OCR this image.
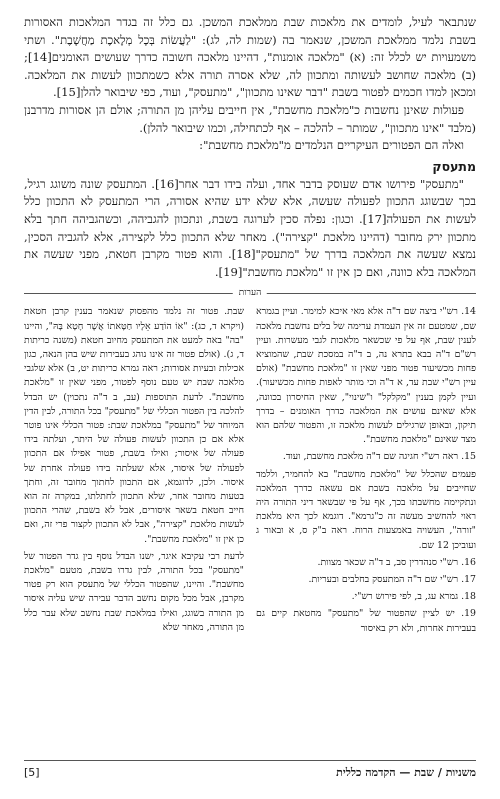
שנתבאר לעיל, לומדים את מלאכות שבת ממלאכת המשכן. גם כלל זה בגדר המלאכות האסורות בשבת נלמד ממלאכת המשכן, שנאמר בה (שמות לה, לג): "לַעֲשׂוֹת בְּכָל מְלֶאכֶת מַחֲשָׁבֶת". ושתי משמעויות יש לכלל זה: (א) "מלאכה אומנות", דהיינו מלאכה חשובה כדרך שעושים האומנים[14]; (ב) מלאכה שחושב לעשותה ומתכוון לה, שלא אסרה תורה אלא כשמתכוון לעשות את המלאכה. ומכאן למדו חכמים לפטור בשבת "דבר שאינו מתכוון", "מתעסק", ועוד, כפי שיבואר להלן[15].

פעולות שאינן נחשבות כ"מלאכת מחשבת", אין חייבים עליהן מן התורה; אולם הן אסורות מדרבנן (מלבד "אינו מתכוון", שמותר – להלכה – אף לכתחילה, וכמו שיבואר להלן).

ואלה הם הפטורים העיקריים הנלמדים מ"מלאכת מחשבת":

מתעסק

"מתעסק" פירושו אדם שעוסק בדבר אחד, ועלה בידו דבר אחר[16]. המתעסק שונה משוגג רגיל, בכך שבשוגג התכוון לפעולה שעשה, אלא שלא ידע שהיא אסורה, הרי המתעסק לא התכוון כלל לעשות את הפעולה[17]. וכגון: נפלה סכין לערוגה בשבת, ונתכוון להגביהה, וכשהגביהה חתך בלא מתכוון ירק מחובר (דהיינו מלאכת "קצירה"). מאחר שלא התכוון כלל לקצירה, אלא להגביה הסכין, נמצא שעשה את המלאכה בדרך של "מתעסק"[18]. והוא פטור מקרבן חטאת, מפני שעשה את המלאכה בלא כוונה, ואם כן אין זו "מלאכת מחשבת"[19].

הערות

14. רש"י ביצה שם ד"ה אלא מאי איכא למימר. ועיין בגמרא שם, שמטעם זה אין העמדת ערימה של בלים נחשבת מלאכה לענין שבת, אף על פי שכשאר מלאכות לגבי מעשרות. ועיין רש"ם ד"ה בבא בתרא נה, ב ד"ה במסכת שבת, שהמוציא פחות מכשיעור פטור מפני שאין זו "מלאכת מחשבת" (אולם עיין רש"י שבת עד, א ד"ה וכי מותר לאפות פחות מכשיעור). ועיין לקמן בענין "מקלקל" ו"שינוי", שאין החיסרון בכוונה, אלא שאינם עושים את המלאכה כדרך האומנים – בדרך תיקון, ובאופן שרגילים לעשות מלאכה זו, והפטור שלהם הוא מצד שאינם "מלאכת מחשבת".

15. ראה רש"י חגיגה שם ד"ה מלאכת מחשבת, ועוד.

פעמים שהכלל של "מלאכת מחשבת" בא להחמיר, וללמד שחייבים על מלאכה בשבת אם עשאה כדרך המלאכה ונתקיימה מחשבתו בכך, אף על פי שבשאר דיני התורה היה ראוי להחשיב מעשה זה כ"גרמא". דוגמא לכך היא מלאכת "זורה", העשויה באמצעות הרוח. ראה ב"ק ס, א ובאור ג ועוביכן 12 שם.

16. רש"י סנהדרין סב, ב ד"ה שכאר מצוות.

17. רש"י שם ד"ה המתעסק בחלבים ובעריות.

18. גמרא עג, ב, לפי פירוש רש"י.

19. יש לציין שהפטור של "מתעסק" מחטאת קיים גם בעבירות אחרות, ולא רק באיסור

שבת. פטור זה נלמד מהפסוק שנאמר בענין קרבן חטאת (ויקרא ד, כג): "אוֹ הוֹדַע אֵלָיו חַטָּאתוֹ אֲשֶׁר חָטָא בָּהּ", והיינו "בה" באה למעט את המתעסק מחיוב חטאת (משנה כריתות ד, ג). (אולם פטור זה אינו נוהג בעבירות שיש בהן הנאה, כגון אכילות ובעיות אסורות; ראה גמרא כריתות יט, ב) אלא שלגבי מלאכה שבת יש טעם נוסף לפטור, מפני שאין זו "מלאכת מחשבת". לדעת התוספות (עב, ב ד"ה נתכוין) יש הבדל להלכה בין הפטור הכללי של "מתעסק" בכל התורה, לבין הדין המיוחד של "מתעסק" במלאכת שבת: פטור הכללי אינו פוטר אלא אם כן התכוון לעשות פעולה של היתר, ועלתה בידו פעולה של איסור; ואילו בשבת, פטור אפילו אם התכוון לפעולה של איסור, אלא שעלתה בידו פעולה אחרת של איסור. ולכן, לדוגמא, אם התכוון לחתוך מחובר זה, וחתך בטעות מחובר אחר, שלא התכוון לחתלתו, במקרה זה הוא חייב חטאת בשאר איסורים, אבל לא בשבת, שהרי התכוון לעשות מלאכת "קצירה", אבל לא התכוון לקצור פרי זה, ואם כן אין זו "מלאכת מחשבת".

לדעת רבי עקיבא איגר, ישנו הבדל נוסף בין גדר הפטור של "מתעסק" בכל התורה, לבין גדרו בשבת, מטעם "מלאכת מחשבת". והיינו, שהפטור הכללי של מתעסק הוא רק פטור מקרבן, אבל מכל מקום נחשב הדבר עבירה שיש עליה איסור מן התורה בשוגג, ואילו במלאכת שבת נחשב שלא עבר כלל מן התורה, מאחר שלא

משניות / שבת — הקדמה כללית
[5]
